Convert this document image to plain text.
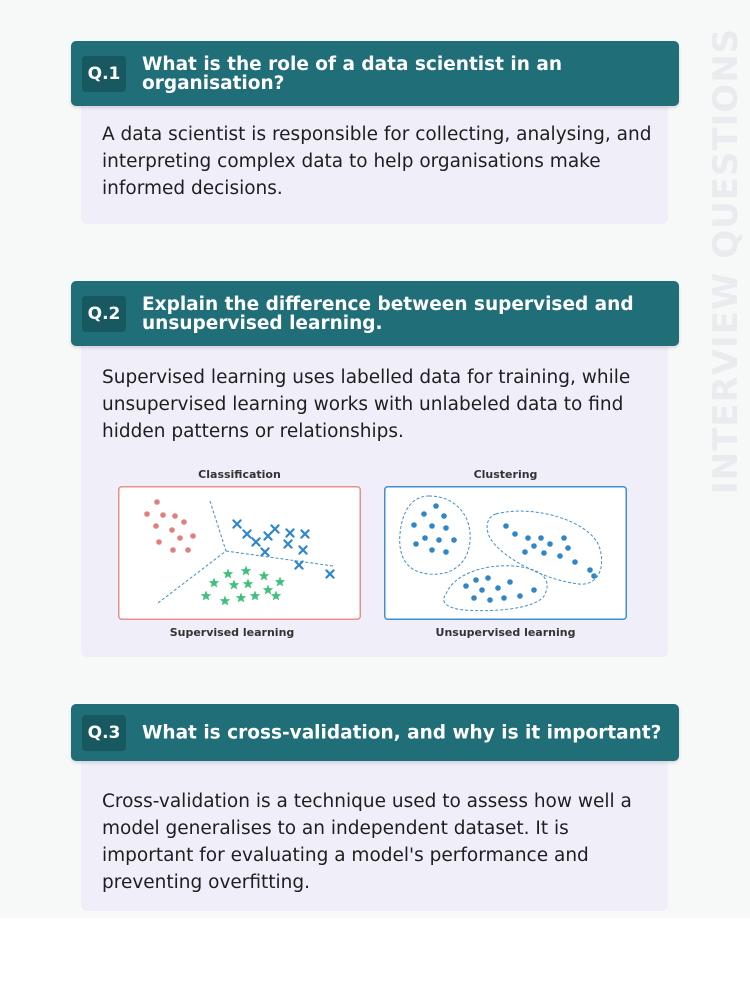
INTERVIEW QUESTIONS
Q.1	What is the role of a data scientist in an organisation?
A data scientist is responsible for collecting, analysing, and interpreting complex data to help organisations make informed decisions.
Q.2	Explain the difference between supervised and unsupervised learning.
Supervised learning uses labelled data for training, while unsupervised learning works with unlabeled data to find hidden patterns or relationships.
Classification	Clustering
Supervised learning	Unsupervised learning
Q.3	What is cross-validation, and why is it important?
Cross-validation is a technique used to assess how well a model generalises to an independent dataset. It is important for evaluating a model's performance and preventing overfitting.
